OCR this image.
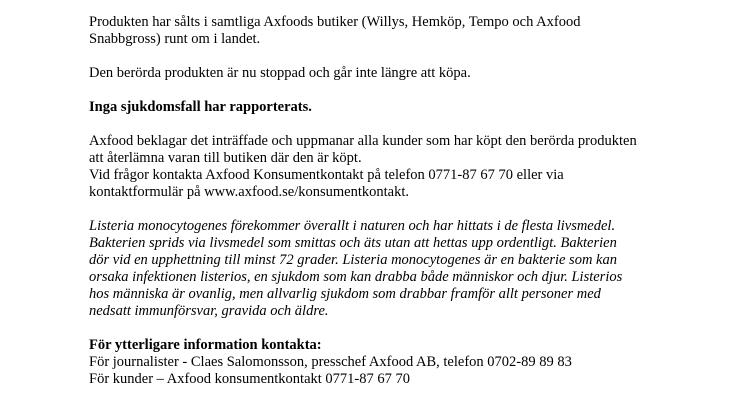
Produkten har sålts i samtliga Axfoods butiker (Willys, Hemköp, Tempo och Axfood
Snabbgross) runt om i landet.

Den berörda produkten är nu stoppad och går inte längre att köpa.

Inga sjukdomsfall har rapporterats.

Axfood beklagar det inträffade och uppmanar alla kunder som har köpt den berörda produkten
att återlämna varan till butiken där den är köpt.
Vid frågor kontakta Axfood Konsumentkontakt på telefon 0771-87 67 70 eller via
kontaktformulär på www.axfood.se/konsumentkontakt.

Listeria monocytogenes förekommer överallt i naturen och har hittats i de flesta livsmedel.
Bakterien sprids via livsmedel som smittas och äts utan att hettas upp ordentligt. Bakterien
dör vid en upphettning till minst 72 grader. Listeria monocytogenes är en bakterie som kan
orsaka infektionen listerios, en sjukdom som kan drabba både människor och djur. Listerios
hos människa är ovanlig, men allvarlig sjukdom som drabbar framför allt personer med
nedsatt immunförsvar, gravida och äldre.

För ytterligare information kontakta:
För journalister - Claes Salomonsson, presschef Axfood AB, telefon 0702-89 89 83
För kunder – Axfood konsumentkontakt 0771-87 67 70
